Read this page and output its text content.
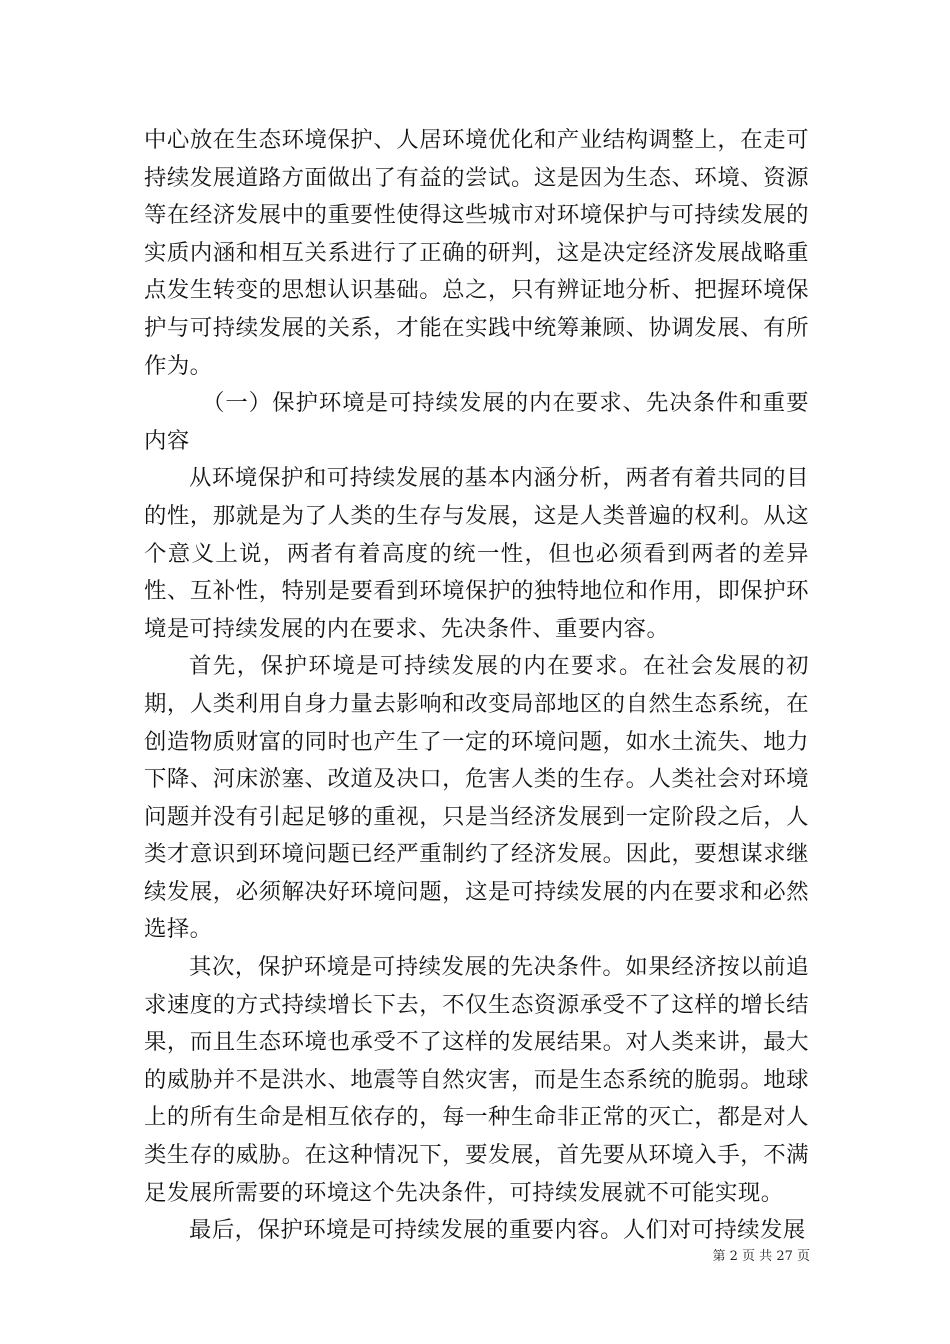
中心放在生态环境保护、人居环境优化和产业结构调整上，在走可持续发展道路方面做出了有益的尝试。这是因为生态、环境、资源等在经济发展中的重要性使得这些城市对环境保护与可持续发展的实质内涵和相互关系进行了正确的研判，这是决定经济发展战略重点发生转变的思想认识基础。总之，只有辨证地分析、把握环境保护与可持续发展的关系，才能在实践中统筹兼顾、协调发展、有所作为。

（一）保护环境是可持续发展的内在要求、先决条件和重要内容

从环境保护和可持续发展的基本内涵分析，两者有着共同的目的性，那就是为了人类的生存与发展，这是人类普遍的权利。从这个意义上说，两者有着高度的统一性，但也必须看到两者的差异性、互补性，特别是要看到环境保护的独特地位和作用，即保护环境是可持续发展的内在要求、先决条件、重要内容。

首先，保护环境是可持续发展的内在要求。在社会发展的初期，人类利用自身力量去影响和改变局部地区的自然生态系统，在创造物质财富的同时也产生了一定的环境问题，如水土流失、地力下降、河床淤塞、改道及决口，危害人类的生存。人类社会对环境问题并没有引起足够的重视，只是当经济发展到一定阶段之后，人类才意识到环境问题已经严重制约了经济发展。因此，要想谋求继续发展，必须解决好环境问题，这是可持续发展的内在要求和必然选择。

其次，保护环境是可持续发展的先决条件。如果经济按以前追求速度的方式持续增长下去，不仅生态资源承受不了这样的增长结果，而且生态环境也承受不了这样的发展结果。对人类来讲，最大的威胁并不是洪水、地震等自然灾害，而是生态系统的脆弱。地球上的所有生命是相互依存的，每一种生命非正常的灭亡，都是对人类生存的威胁。在这种情况下，要发展，首先要从环境入手，不满足发展所需要的环境这个先决条件，可持续发展就不可能实现。

最后，保护环境是可持续发展的重要内容。人们对可持续发展

第 2 页 共 27 页
